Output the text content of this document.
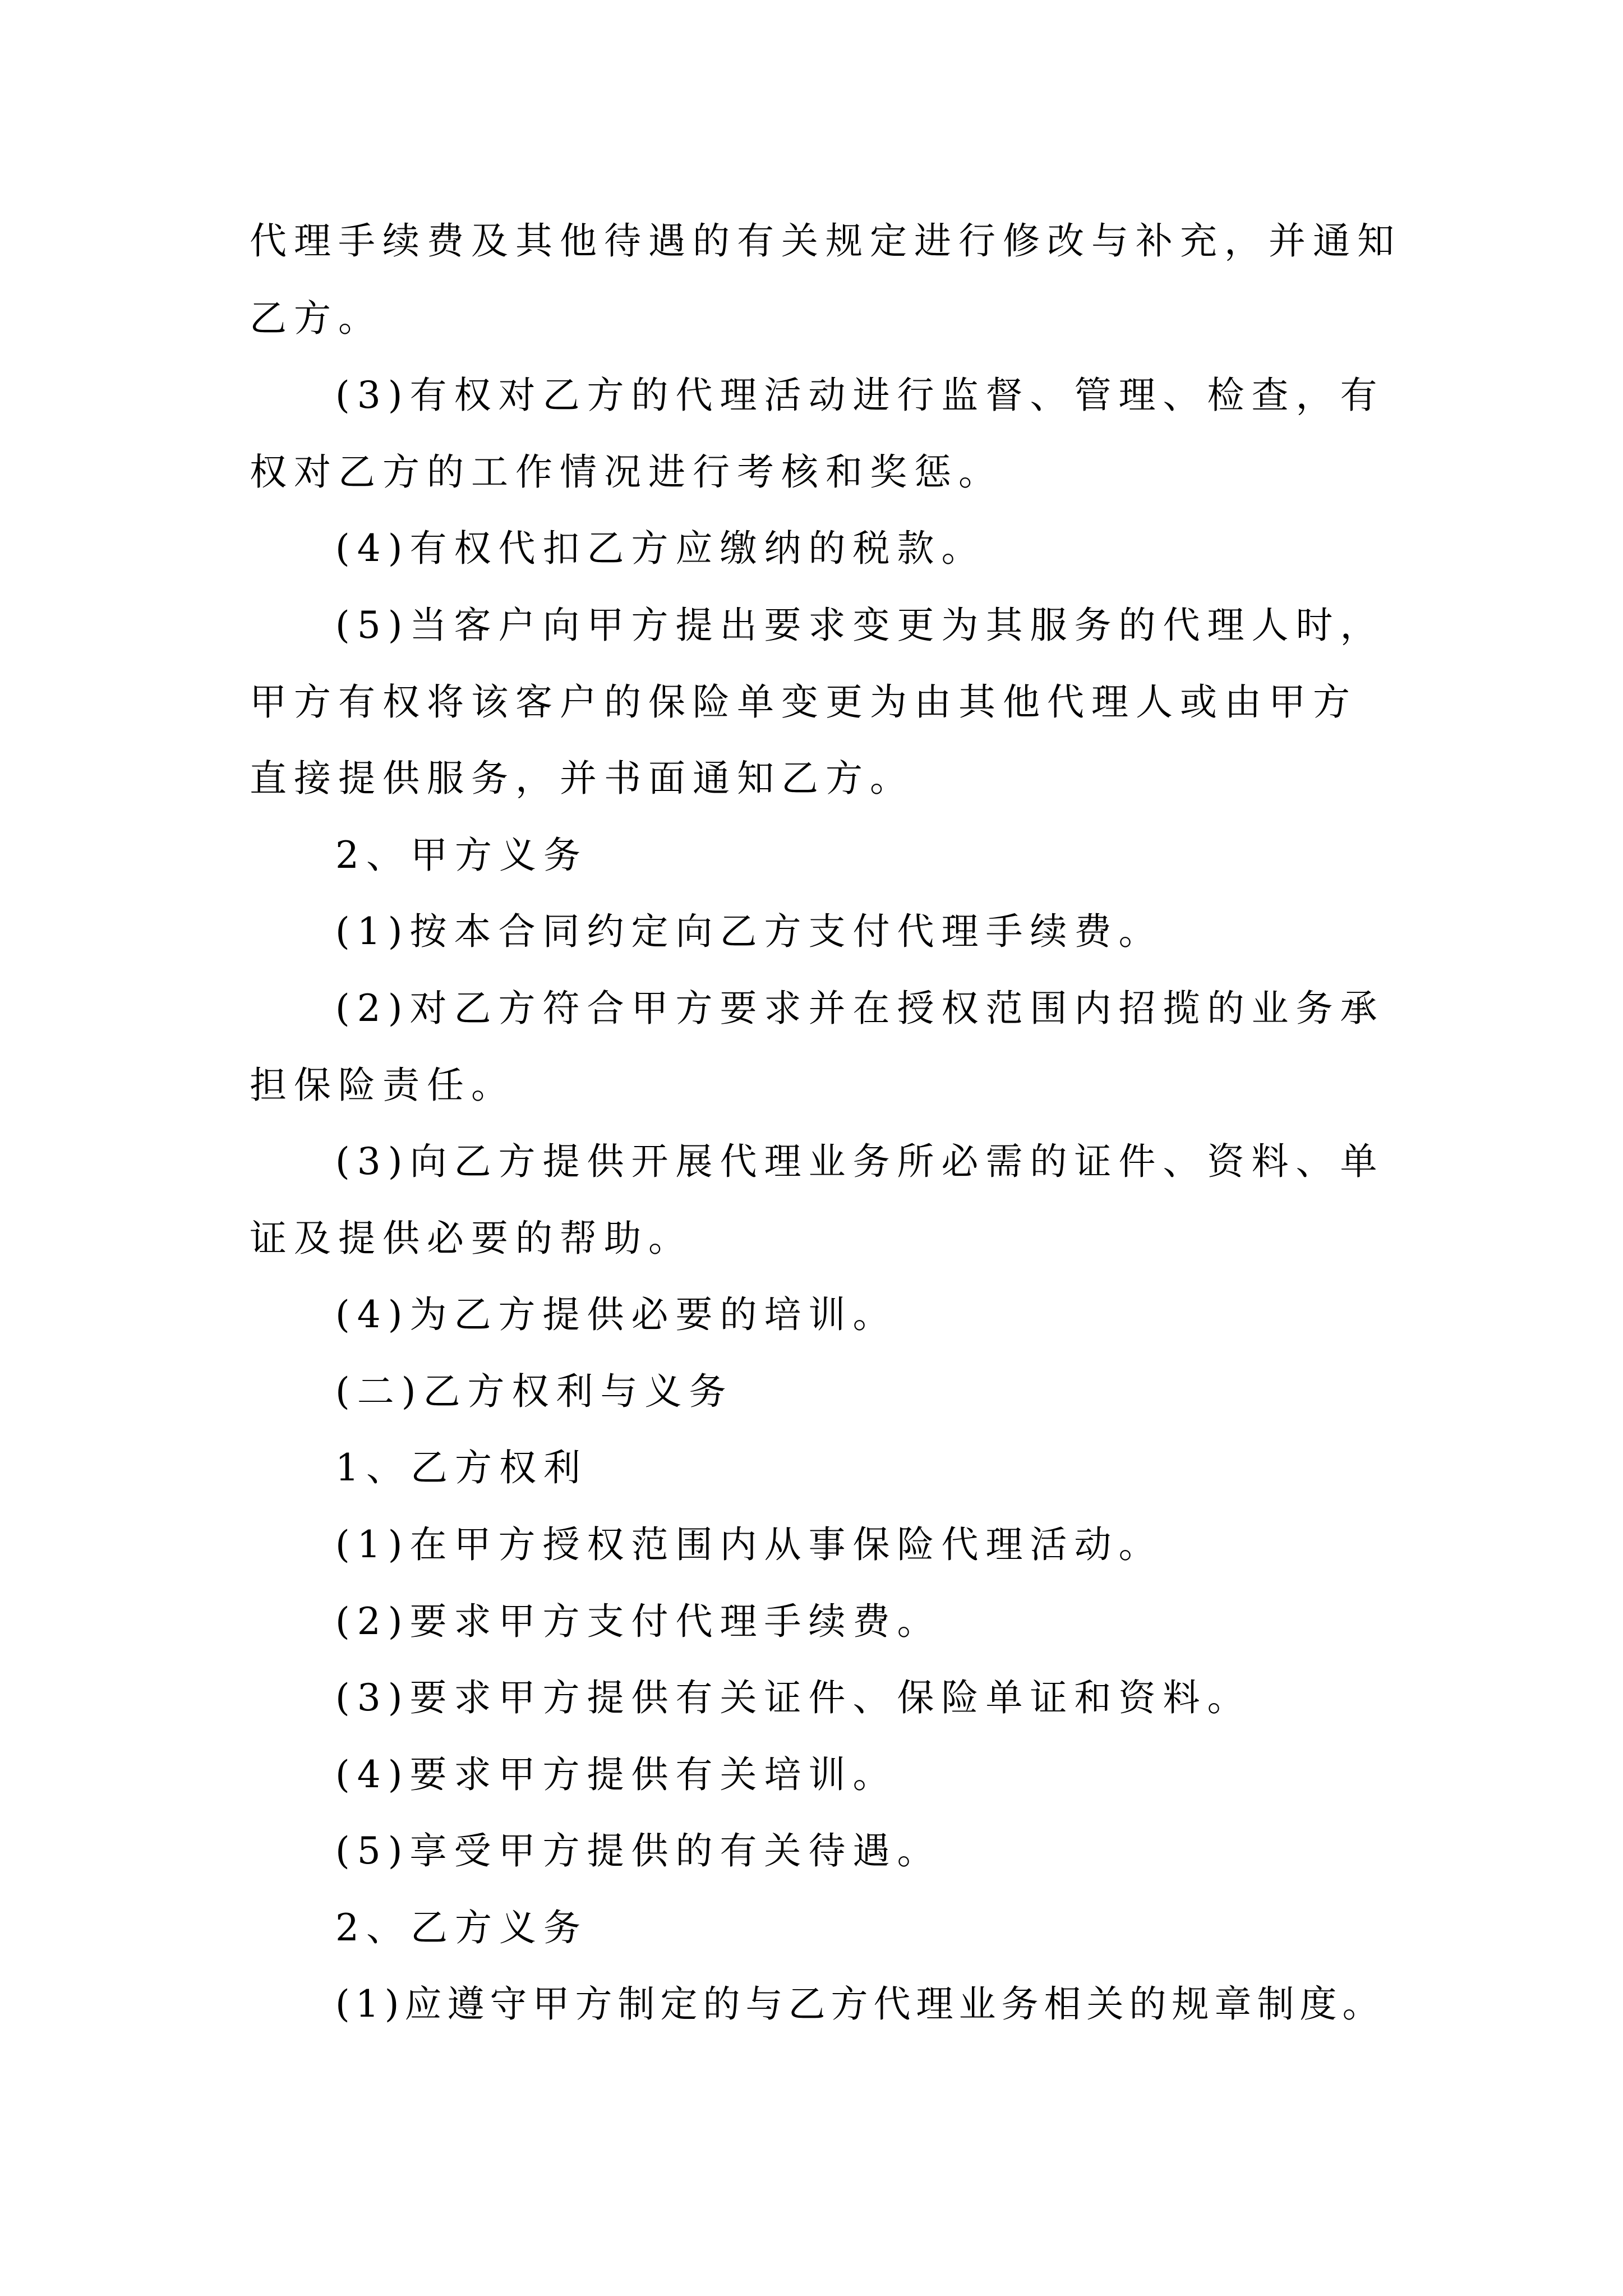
代理手续费及其他待遇的有关规定进行修改与补充，并通知

乙方。

(3)有权对乙方的代理活动进行监督、管理、检查，有

权对乙方的工作情况进行考核和奖惩。

(4)有权代扣乙方应缴纳的税款。

(5)当客户向甲方提出要求变更为其服务的代理人时，

甲方有权将该客户的保险单变更为由其他代理人或由甲方

直接提供服务，并书面通知乙方。

2、甲方义务

(1)按本合同约定向乙方支付代理手续费。

(2)对乙方符合甲方要求并在授权范围内招揽的业务承

担保险责任。

(3)向乙方提供开展代理业务所必需的证件、资料、单

证及提供必要的帮助。

(4)为乙方提供必要的培训。

(二)乙方权利与义务

1、乙方权利

(1)在甲方授权范围内从事保险代理活动。

(2)要求甲方支付代理手续费。

(3)要求甲方提供有关证件、保险单证和资料。

(4)要求甲方提供有关培训。

(5)享受甲方提供的有关待遇。

2、乙方义务

(1)应遵守甲方制定的与乙方代理业务相关的规章制度。
